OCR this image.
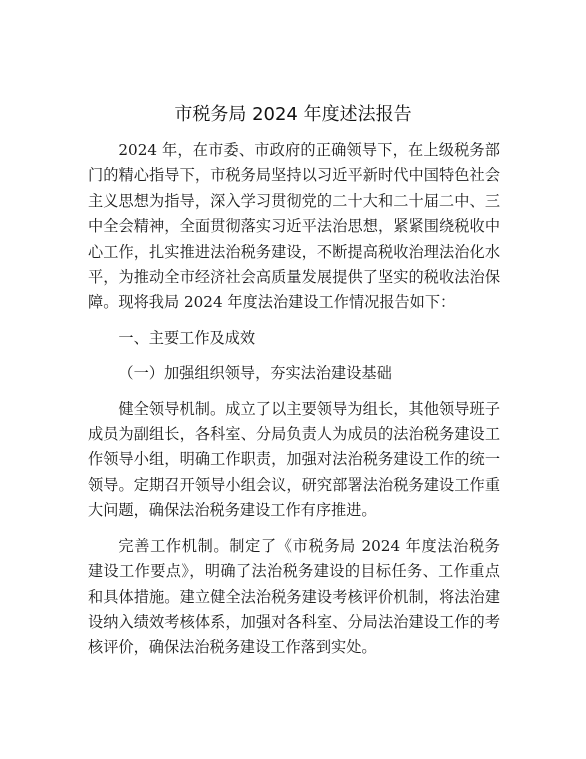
市税务局 2024 年度述法报告

2024 年，在市委、市政府的正确领导下，在上级税务部门的精心指导下，市税务局坚持以习近平新时代中国特色社会主义思想为指导，深入学习贯彻党的二十大和二十届二中、三中全会精神，全面贯彻落实习近平法治思想，紧紧围绕税收中心工作，扎实推进法治税务建设，不断提高税收治理法治化水平，为推动全市经济社会高质量发展提供了坚实的税收法治保障。现将我局 2024 年度法治建设工作情况报告如下：

一、主要工作及成效

（一）加强组织领导，夯实法治建设基础

健全领导机制。成立了以主要领导为组长，其他领导班子成员为副组长，各科室、分局负责人为成员的法治税务建设工作领导小组，明确工作职责，加强对法治税务建设工作的统一领导。定期召开领导小组会议，研究部署法治税务建设工作重大问题，确保法治税务建设工作有序推进。

完善工作机制。制定了《市税务局 2024 年度法治税务建设工作要点》，明确了法治税务建设的目标任务、工作重点和具体措施。建立健全法治税务建设考核评价机制，将法治建设纳入绩效考核体系，加强对各科室、分局法治建设工作的考核评价，确保法治税务建设工作落到实处。
